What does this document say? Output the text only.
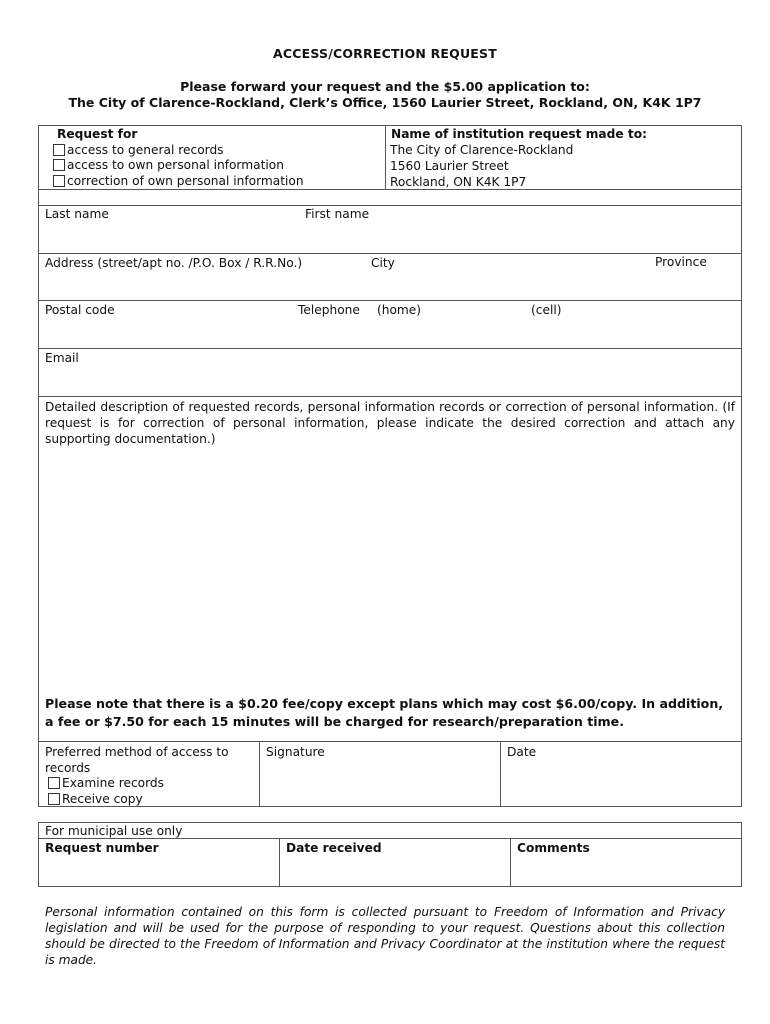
ACCESS/CORRECTION REQUEST
Please forward your request and the $5.00 application to:
The City of Clarence-Rockland, Clerk’s Office, 1560 Laurier Street, Rockland, ON, K4K 1P7
Request for
access to general records
access to own personal information
correction of own personal information
Name of institution request made to:
The City of Clarence-Rockland
1560 Laurier Street
Rockland, ON K4K 1P7
Last name	First name
Address (street/apt no. /P.O. Box / R.R.No.)	City	Province
Postal code	Telephone (home)	(cell)
Email
Detailed description of requested records, personal information records or correction of personal information. (If request is for correction of personal information, please indicate the desired correction and attach any supporting documentation.)
Please note that there is a $0.20 fee/copy except plans which may cost $6.00/copy. In addition,
a fee or $7.50 for each 15 minutes will be charged for research/preparation time.
Preferred method of access to
records
Examine records
Receive copy
Signature	Date
For municipal use only
Request number	Date received	Comments
Personal information contained on this form is collected pursuant to Freedom of Information and Privacy legislation and will be used for the purpose of responding to your request. Questions about this collection should be directed to the Freedom of Information and Privacy Coordinator at the institution where the request is made.
